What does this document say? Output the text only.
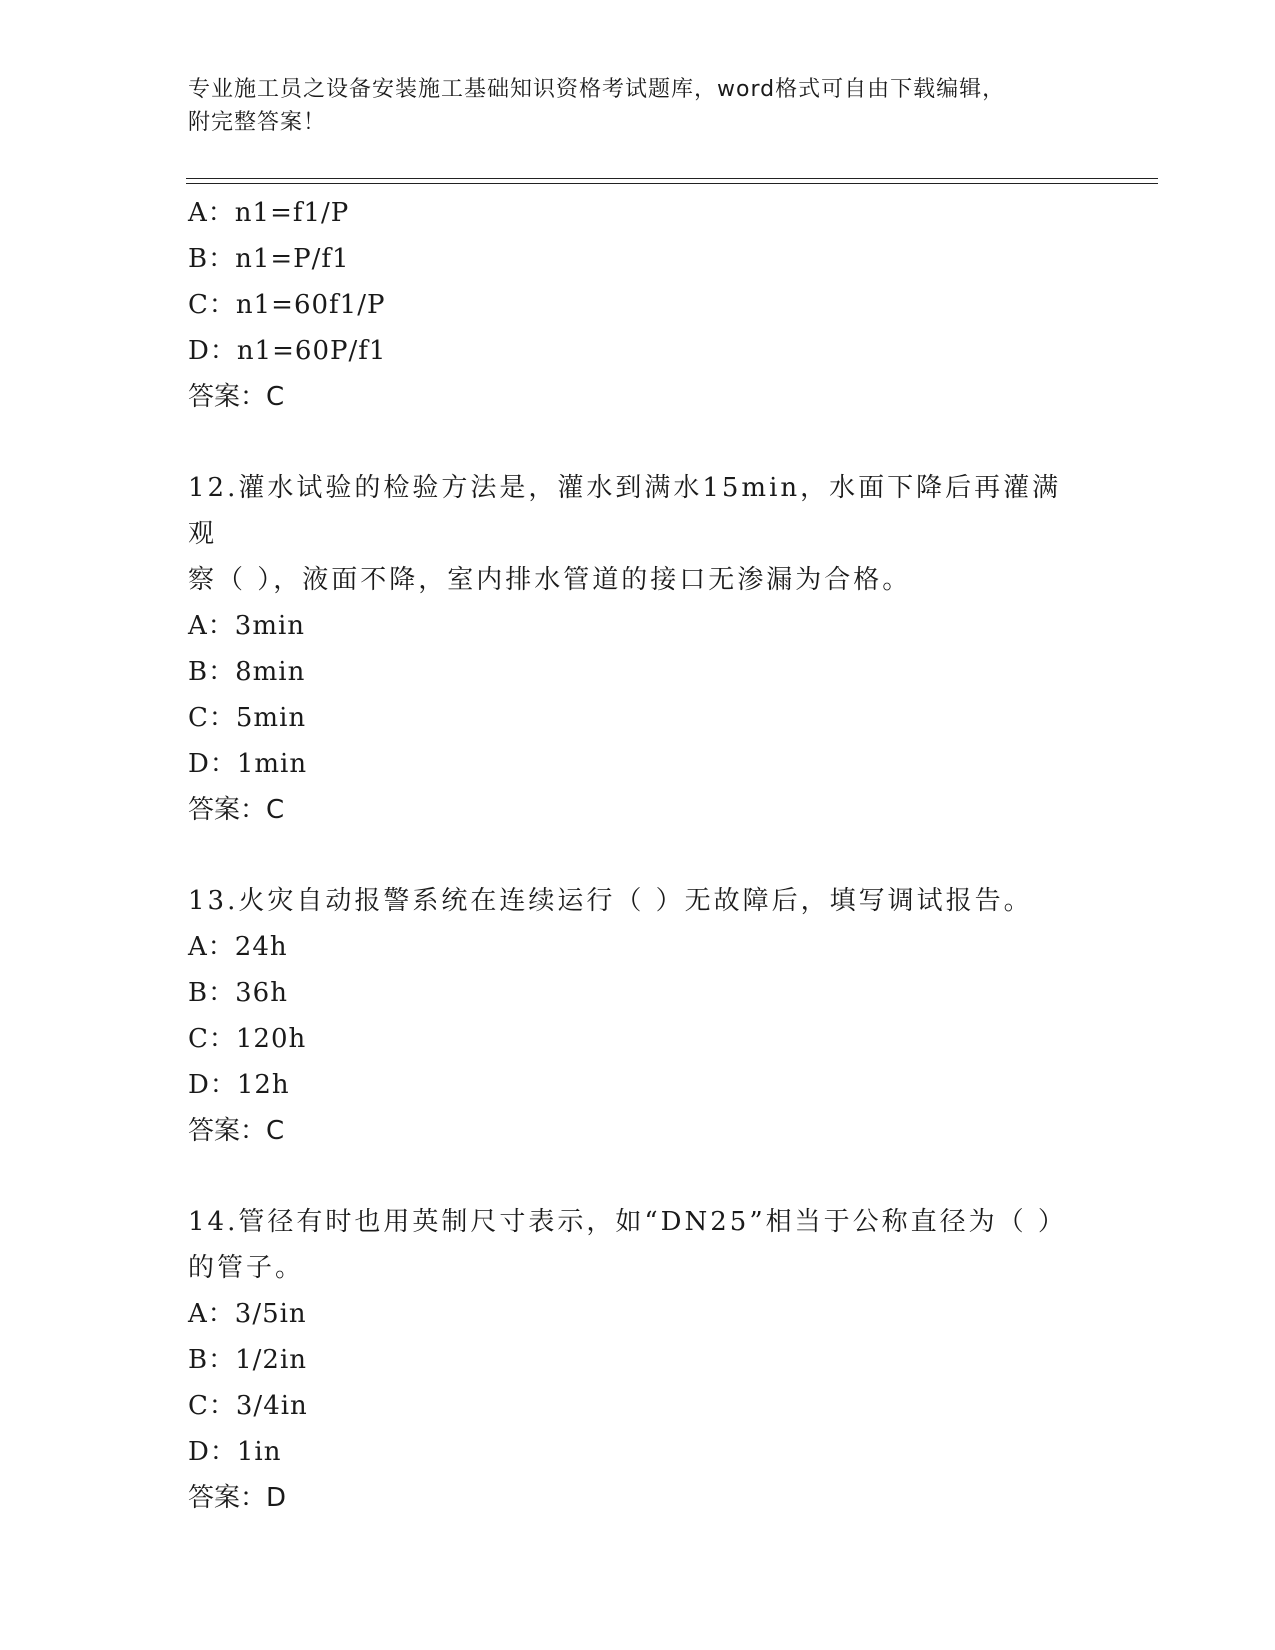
专业施工员之设备安装施工基础知识资格考试题库，word格式可自由下载编辑，
附完整答案！
A：n1=f1/P
B：n1=P/f1
C：n1=60f1/P
D：n1=60P/f1
答案：C
12.灌水试验的检验方法是，灌水到满水15min，水面下降后再灌满观
察（ ），液面不降，室内排水管道的接口无渗漏为合格。
A：3min
B：8min
C：5min
D：1min
答案：C
13.火灾自动报警系统在连续运行（ ）无故障后，填写调试报告。
A：24h
B：36h
C：120h
D：12h
答案：C
14.管径有时也用英制尺寸表示，如“DN25”相当于公称直径为（ ）
的管子。
A：3/5in
B：1/2in
C：3/4in
D：1in
答案：D
